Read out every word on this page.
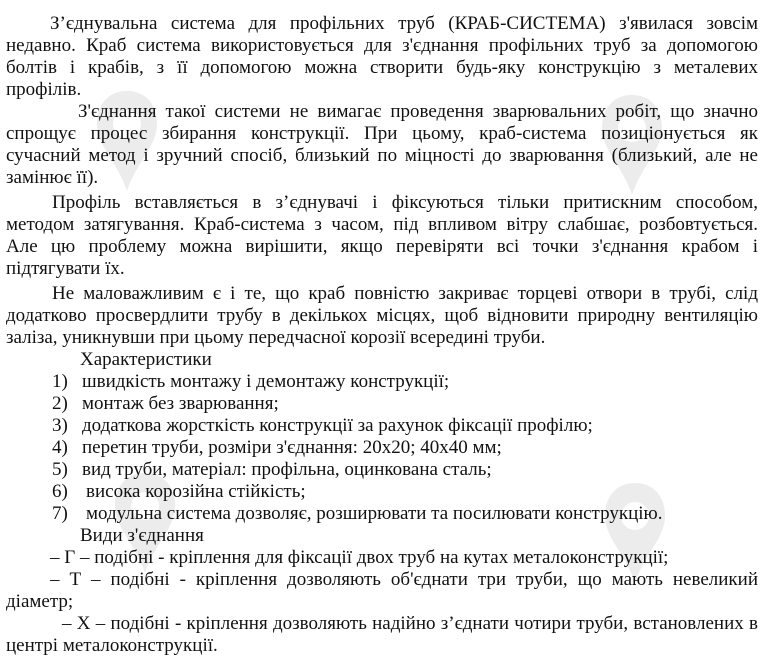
З’єднувальна система для профільних труб (КРАБ-СИСТЕМА) з'явилася зовсім
недавно. Краб система використовується для з'єднання профільних труб за допомогою
болтів і крабів, з її допомогою можна створити будь-яку конструкцію з металевих
профілів.
З'єднання такої системи не вимагає проведення зварювальних робіт, що значно
спрощує процес збирання конструкції. При цьому, краб-система позиціонується як
сучасний метод і зручний спосіб, близький по міцності до зварювання (близький, але не
замінює її).
Профіль вставляється в з’єднувачі і фіксуються тільки притискним способом,
методом затягування. Краб-система з часом, під впливом вітру слабшає, розбовтується.
Але цю проблему можна вирішити, якщо перевіряти всі точки з'єднання крабом і
підтягувати їх.
Не маловажливим є і те, що краб повністю закриває торцеві отвори в трубі, слід
додатково просвердлити трубу в декількох місцях, щоб відновити природну вентиляцію
заліза, уникнувши при цьому передчасної корозії всередині труби.
Характеристики
1) швидкість монтажу і демонтажу конструкції;
2) монтаж без зварювання;
3) додаткова жорсткість конструкції за рахунок фіксації профілю;
4) перетин труби, розміри з'єднання: 20х20; 40х40 мм;
5) вид труби, матеріал: профільна, оцинкована сталь;
6) висока корозійна стійкість;
7) модульна система дозволяє, розширювати та посилювати конструкцію.
Види з'єднання
– Г – подібні - кріплення для фіксації двох труб на кутах металоконструкції;
– Т – подібні - кріплення дозволяють об'єднати три труби, що мають невеликий
діаметр;
– Х – подібні - кріплення дозволяють надійно з’єднати чотири труби, встановлених в
центрі металоконструкції.
